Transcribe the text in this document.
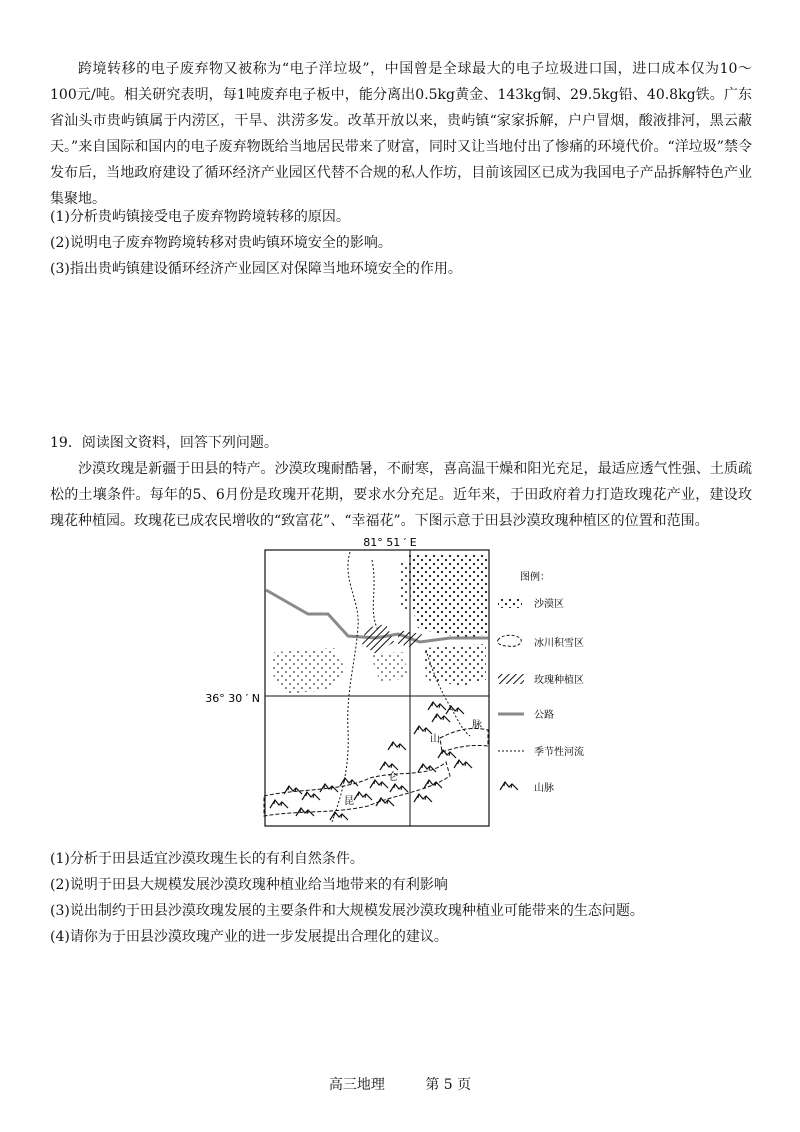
跨境转移的电子废弃物又被称为“电子洋垃圾”，中国曾是全球最大的电子垃圾进口国，进口成本仅为10～100元/吨。相关研究表明，每1吨废弃电子板中，能分离出0.5kg黄金、143kg铜、29.5kg铅、40.8kg铁。广东省汕头市贵屿镇属于内涝区，干旱、洪涝多发。改革开放以来，贵屿镇“家家拆解，户户冒烟，酸液排河，黑云蔽天。”来自国际和国内的电子废弃物既给当地居民带来了财富，同时又让当地付出了惨痛的环境代价。“洋垃圾”禁令发布后，当地政府建设了循环经济产业园区代替不合规的私人作坊，目前该园区已成为我国电子产品拆解特色产业集聚地。

(1)分析贵屿镇接受电子废弃物跨境转移的原因。
(2)说明电子废弃物跨境转移对贵屿镇环境安全的影响。
(3)指出贵屿镇建设循环经济产业园区对保障当地环境安全的作用。
19．阅读图文资料，回答下列问题。

沙漠玫瑰是新疆于田县的特产。沙漠玫瑰耐酷暑，不耐寒，喜高温干燥和阳光充足，最适应透气性强、土质疏松的土壤条件。每年的5、6月份是玫瑰开花期，要求水分充足。近年来，于田政府着力打造玫瑰花产业，建设玫瑰花种植园。玫瑰花已成农民增收的“致富花”、“幸福花”。下图示意于田县沙漠玫瑰种植区的位置和范围。

81° 51 ′ E
36° 30 ′ N
脉
山
仑
昆
图例：
沙漠区
冰川积雪区
玫瑰种植区
公路
季节性河流
山脉
(1)分析于田县适宜沙漠玫瑰生长的有利自然条件。
(2)说明于田县大规模发展沙漠玫瑰种植业给当地带来的有利影响
(3)说出制约于田县沙漠玫瑰发展的主要条件和大规模发展沙漠玫瑰种植业可能带来的生态问题。
(4)请你为于田县沙漠玫瑰产业的进一步发展提出合理化的建议。
高三地理	第 5 页
